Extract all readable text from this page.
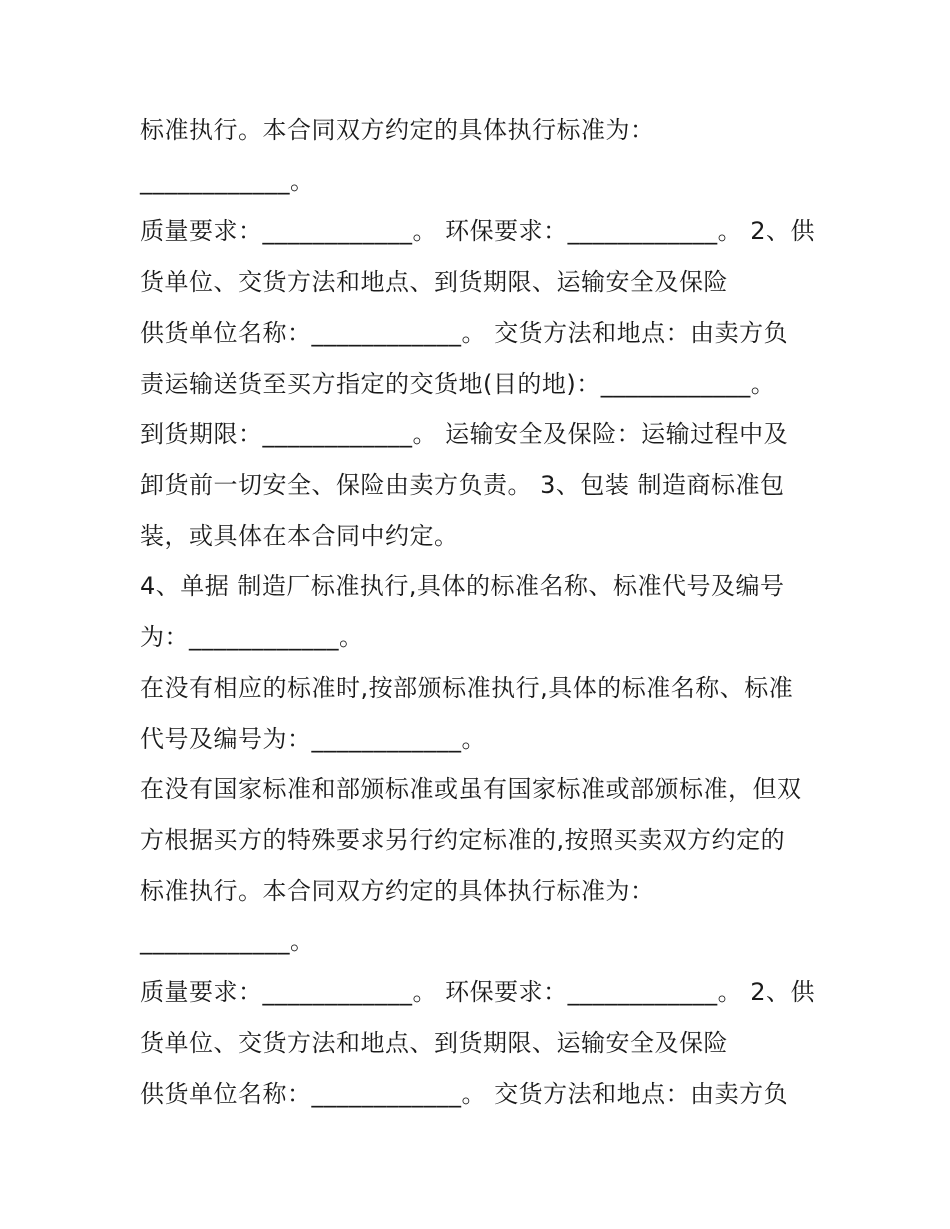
标准执行。本合同双方约定的具体执行标准为：
____________。
质量要求：____________。 环保要求：____________。 2、供
货单位、交货方法和地点、到货期限、运输安全及保险
供货单位名称：____________。 交货方法和地点：由卖方负
责运输送货至买方指定的交货地(目的地)：____________。
到货期限：____________。 运输安全及保险：运输过程中及
卸货前一切安全、保险由卖方负责。 3、包装 制造商标准包
装，或具体在本合同中约定。
4、单据 制造厂标准执行,具体的标准名称、标准代号及编号
为：____________。
在没有相应的标准时,按部颁标准执行,具体的标准名称、标准
代号及编号为：____________。
在没有国家标准和部颁标准或虽有国家标准或部颁标准，但双
方根据买方的特殊要求另行约定标准的,按照买卖双方约定的
标准执行。本合同双方约定的具体执行标准为：
____________。
质量要求：____________。 环保要求：____________。 2、供
货单位、交货方法和地点、到货期限、运输安全及保险
供货单位名称：____________。 交货方法和地点：由卖方负
